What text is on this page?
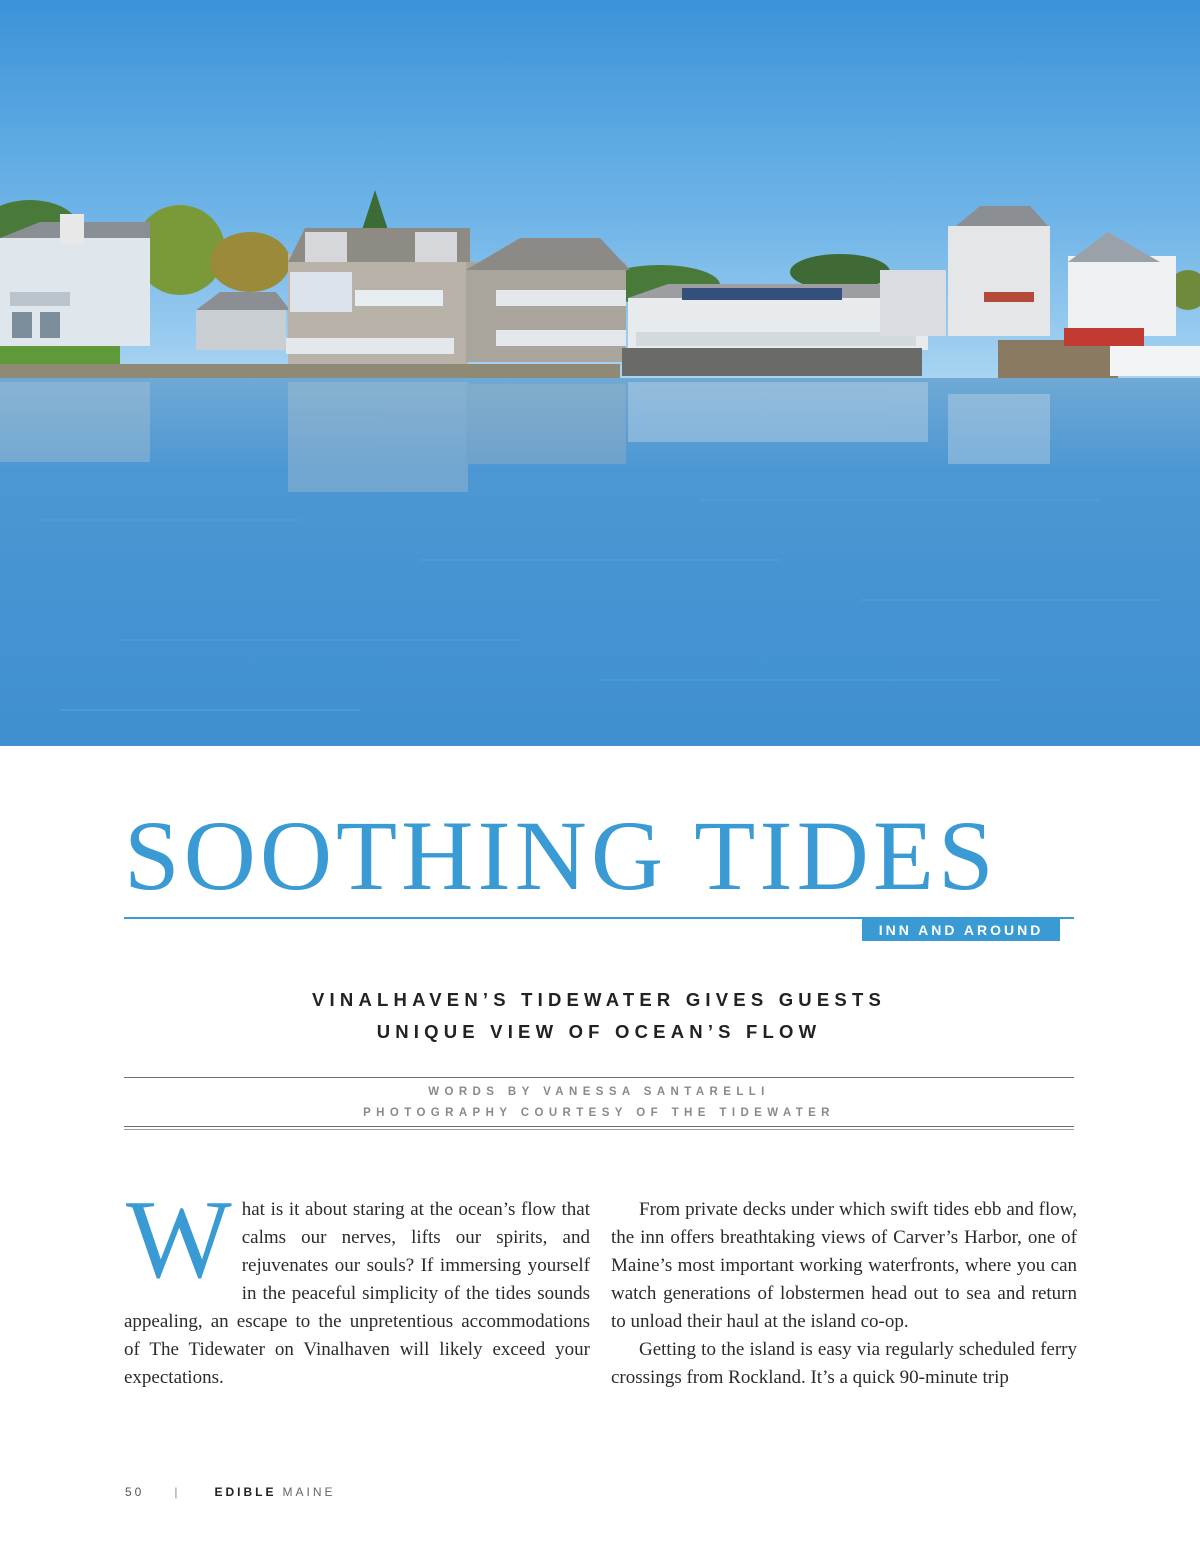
SOOTHING TIDES
INN AND AROUND
VINALHAVEN’S TIDEWATER GIVES GUESTS
UNIQUE VIEW OF OCEAN’S FLOW
WORDS BY VANESSA SANTARELLI
PHOTOGRAPHY COURTESY OF THE TIDEWATER

What is it about staring at the ocean’s flow that calms our nerves, lifts our spirits, and rejuvenates our souls? If immersing yourself in the peaceful simplicity of the tides sounds appealing, an escape to the unpretentious accommodations of The Tidewater on Vinalhaven will likely exceed your expectations.

From private decks under which swift tides ebb and flow, the inn offers breathtaking views of Carver’s Harbor, one of Maine’s most important working waterfronts, where you can watch generations of lobstermen head out to sea and return to unload their haul at the island co-op.

Getting to the island is easy via regularly scheduled ferry crossings from Rockland. It’s a quick 90-minute trip

50	|	EDIBLE MAINE
